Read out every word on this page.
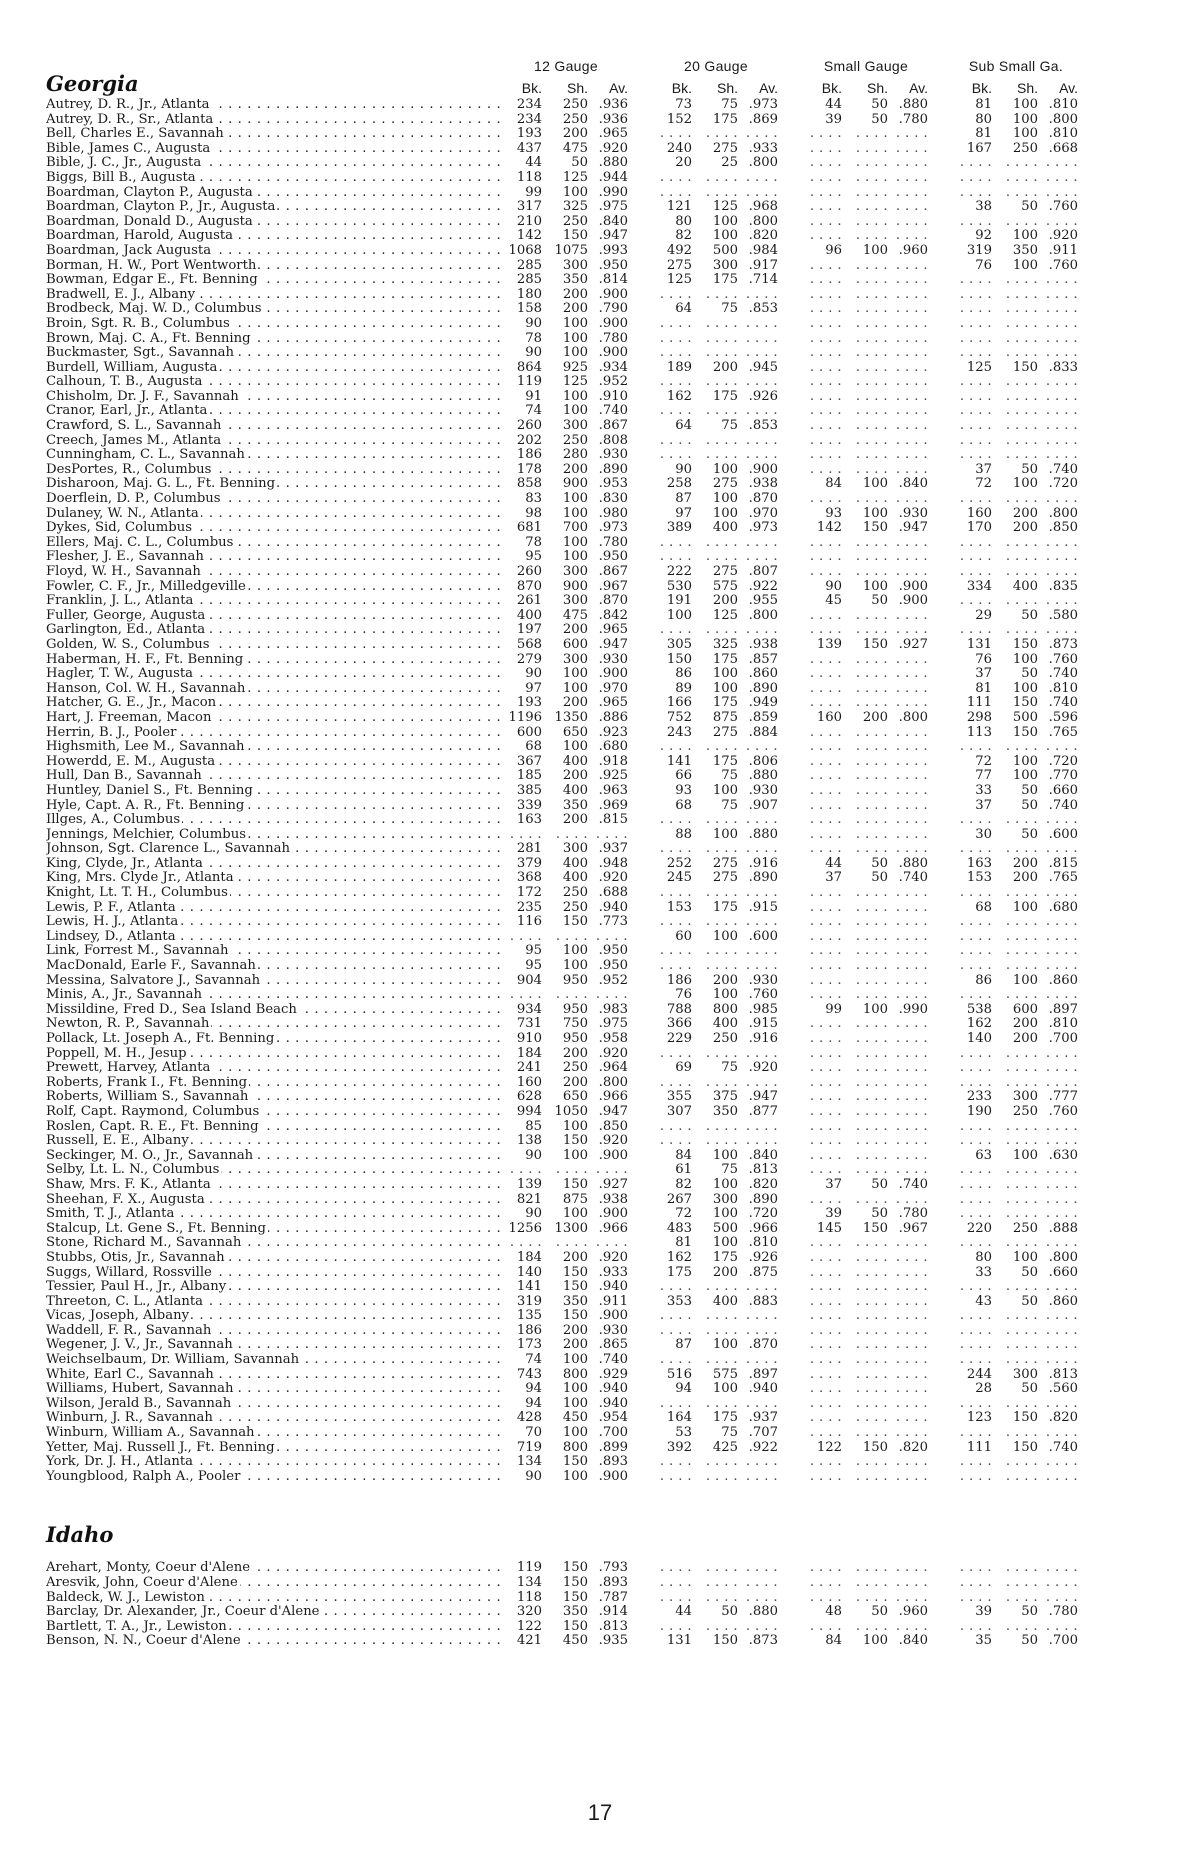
12 Gauge	20 Gauge	Small Gauge	Sub Small Ga.
Georgia	Bk.	Sh.	Av.	Bk.	Sh.	Av.	Bk.	Sh.	Av.	Bk.	Sh.	Av.
Autrey, D. R., Jr., Atlanta . . .	234	250 .936	73	75 .973	44	50 .880	81	100 .810
Autrey, D. R., Sr., Atlanta . . .	234	250 .936	152	175 .869	39	50 .780	80	100 .800
Bell, Charles E., Savannah . . .	193	200 .965	. . . .	. . . . . . . .	. . . .	. . . . . . . .	81	100 .810
Bible, James C., Augusta . . .	437	475 .920	240	275 .933	. . . .	. . . . . . . .	167	250 .668
Bible, J. C., Jr., Augusta . . .	44	50 .880	20	25 .800	. . . .	. . . . . . . .	. . . .	. . . . . . . .
Biggs, Bill B., Augusta . . .	118	125 .944	. . . .	. . . . . . . .	. . . .	. . . . . . . .	. . . .	. . . . . . . .
Boardman, Clayton P., Augusta . . .	99	100 .990	. . . .	. . . . . . . .	. . . .	. . . . . . . .	. . . .	. . . . . . . .
Boardman, Clayton P., Jr., Augusta . . .	317	325 .975	121	125 .968	. . . .	. . . . . . . .	38	50 .760
Boardman, Donald D., Augusta . . .	210	250 .840	80	100 .800	. . . .	. . . . . . . .	. . . .	. . . . . . . .
Boardman, Harold, Augusta . . .	142	150 .947	82	100 .820	. . . .	. . . . . . . .	92	100 .920
Boardman, Jack Augusta . . .	1068 1075 .993	492	500 .984	96	100 .960	319	350 .911
Borman, H. W., Port Wentworth . . .	285	300 .950	275	300 .917	. . . .	. . . . . . . .	76	100 .760
Bowman, Edgar E., Ft. Benning . . .	285	350 .814	125	175 .714	. . . .	. . . . . . . .	. . . .	. . . . . . . .
Bradwell, E. J., Albany . . .	180	200 .900	. . . .	. . . . . . . .	. . . .	. . . . . . . .	. . . .	. . . . . . . .
Brodbeck, Maj. W. D., Columbus . . .	158	200 .790	64	75 .853	. . . .	. . . . . . . .	. . . .	. . . . . . . .
Broin, Sgt. R. B., Columbus . . .	90	100 .900	. . . .	. . . . . . . .	. . . .	. . . . . . . .	. . . .	. . . . . . . .
Brown, Maj. C. A., Ft. Benning . . .	78	100 .780	. . . .	. . . . . . . .	. . . .	. . . . . . . .	. . . .	. . . . . . . .
Buckmaster, Sgt., Savannah . . .	90	100 .900	. . . .	. . . . . . . .	. . . .	. . . . . . . .	. . . .	. . . . . . . .
Burdell, William, Augusta . . .	864	925 .934	189	200 .945	. . . .	. . . . . . . .	125	150 .833
Calhoun, T. B., Augusta . . .	119	125 .952	. . . .	. . . . . . . .	. . . .	. . . . . . . .	. . . .	. . . . . . . .
Chisholm, Dr. J. F., Savannah . . .	91	100 .910	162	175 .926	. . . .	. . . . . . . .	. . . .	. . . . . . . .
Cranor, Earl, Jr., Atlanta . . .	74	100 .740	. . . .	. . . . . . . .	. . . .	. . . . . . . .	. . . .	. . . . . . . .
Crawford, S. L., Savannah . . .	260	300 .867	64	75 .853	. . . .	. . . . . . . .	. . . .	. . . . . . . .
Creech, James M., Atlanta . . .	202	250 .808	. . . .	. . . . . . . .	. . . .	. . . . . . . .	. . . .	. . . . . . . .
Cunningham, C. L., Savannah . . .	186	280 .930	. . . .	. . . . . . . .	. . . .	. . . . . . . .	. . . .	. . . . . . . .
DesPortes, R., Columbus . . .	178	200 .890	90	100 .900	. . . .	. . . . . . . .	37	50 .740
Disharoon, Maj. G. L., Ft. Benning . . .	858	900 .953	258	275 .938	84	100 .840	72	100 .720
Doerflein, D. P., Columbus . . .	83	100 .830	87	100 .870	. . . .	. . . . . . . .	. . . .	. . . . . . . .
Dulaney, W. N., Atlanta . . .	98	100 .980	97	100 .970	93	100 .930	160	200 .800
Dykes, Sid, Columbus . . .	681	700 .973	389	400 .973	142	150 .947	170	200 .850
Ellers, Maj. C. L., Columbus . . .	78	100 .780	. . . .	. . . . . . . .	. . . .	. . . . . . . .	. . . .	. . . . . . . .
Flesher, J. E., Savannah . . .	95	100 .950	. . . .	. . . . . . . .	. . . .	. . . . . . . .	. . . .	. . . . . . . .
Floyd, W. H., Savannah . . .	260	300 .867	222	275 .807	. . . .	. . . . . . . .	. . . .	. . . . . . . .
Fowler, C. F., Jr., Milledgeville . . .	870	900 .967	530	575 .922	90	100 .900	334	400 .835
Franklin, J. L., Atlanta . . .	261	300 .870	191	200 .955	45	50 .900	. . . .	. . . . . . . .
Fuller, George, Augusta . . .	400	475 .842	100	125 .800	. . . .	. . . . . . . .	29	50 .580
Garlington, Ed., Atlanta . . .	197	200 .965	. . . .	. . . . . . . .	. . . .	. . . . . . . .	. . . .	. . . . . . . .
Golden, W. S., Columbus . . .	568	600 .947	305	325 .938	139	150 .927	131	150 .873
Haberman, H. F., Ft. Benning . . .	279	300 .930	150	175 .857	. . . .	. . . . . . . .	76	100 .760
Hagler, T. W., Augusta . . .	90	100 .900	86	100 .860	. . . .	. . . . . . . .	37	50 .740
Hanson, Col. W. H., Savannah . . .	97	100 .970	89	100 .890	. . . .	. . . . . . . .	81	100 .810
Hatcher, G. E., Jr., Macon . . .	193	200 .965	166	175 .949	. . . .	. . . . . . . .	111	150 .740
Hart, J. Freeman, Macon . . .	1196 1350 .886	752	875 .859	160	200 .800	298	500 .596
Herrin, B. J., Pooler . . .	600	650 .923	243	275 .884	. . . .	. . . . . . . .	113	150 .765
Highsmith, Lee M., Savannah . . .	68	100 .680	. . . .	. . . . . . . .	. . . .	. . . . . . . .	. . . .	. . . . . . . .
Howerdd, E. M., Augusta . . .	367	400 .918	141	175 .806	. . . .	. . . . . . . .	72	100 .720
Hull, Dan B., Savannah . . .	185	200 .925	66	75 .880	. . . .	. . . . . . . .	77	100 .770
Huntley, Daniel S., Ft. Benning . . .	385	400 .963	93	100 .930	. . . .	. . . . . . . .	33	50 .660
Hyle, Capt. A. R., Ft. Benning . . .	339	350 .969	68	75 .907	. . . .	. . . . . . . .	37	50 .740
Illges, A., Columbus . . .	163	200 .815	. . . .	. . . . . . . .	. . . .	. . . . . . . .	. . . .	. . . . . . . .
Jennings, Melchier, Columbus . . .	. . . .	. . . . . . . .	88	100 .880	. . . .	. . . . . . . .	30	50 .600
Johnson, Sgt. Clarence L., Savannah . . .	281	300 .937	. . . .	. . . . . . . .	. . . .	. . . . . . . .	. . . .	. . . . . . . .
King, Clyde, Jr., Atlanta . . .	379	400 .948	252	275 .916	44	50 .880	163	200 .815
King, Mrs. Clyde Jr., Atlanta . . .	368	400 .920	245	275 .890	37	50 .740	153	200 .765
Knight, Lt. T. H., Columbus . . .	172	250 .688	. . . .	. . . . . . . .	. . . .	. . . . . . . .	. . . .	. . . . . . . .
Lewis, P. F., Atlanta . . .	235	250 .940	153	175 .915	. . . .	. . . . . . . .	68	100 .680
Lewis, H. J., Atlanta . . .	116	150 .773	. . . .	. . . . . . . .	. . . .	. . . . . . . .	. . . .	. . . . . . . .
Lindsey, D., Atlanta . . .	. . . .	. . . . . . . .	60	100 .600	. . . .	. . . . . . . .	. . . .	. . . . . . . .
Link, Forrest M., Savannah . . .	95	100 .950	. . . .	. . . . . . . .	. . . .	. . . . . . . .	. . . .	. . . . . . . .
MacDonald, Earle F., Savannah . . .	95	100 .950	. . . .	. . . . . . . .	. . . .	. . . . . . . .	. . . .	. . . . . . . .
Messina, Salvatore J., Savannah . . .	904	950 .952	186	200 .930	. . . .	. . . . . . . .	86	100 .860
Minis, A., Jr., Savannah . . .	. . . .	. . . . . . . .	76	100 .760	. . . .	. . . . . . . .	. . . .	. . . . . . . .
Missildine, Fred D., Sea Island Beach . . .	934	950 .983	788	800 .985	99	100 .990	538	600 .897
Newton, R. P., Savannah . . .	731	750 .975	366	400 .915	. . . .	. . . . . . . .	162	200 .810
Pollack, Lt. Joseph A., Ft. Benning . . .	910	950 .958	229	250 .916	. . . .	. . . . . . . .	140	200 .700
Poppell, M. H., Jesup . . .	184	200 .920	. . . .	. . . . . . . .	. . . .	. . . . . . . .	. . . .	. . . . . . . .
Prewett, Harvey, Atlanta . . .	241	250 .964	69	75 .920	. . . .	. . . . . . . .	. . . .	. . . . . . . .
Roberts, Frank I., Ft. Benning . . .	160	200 .800	. . . .	. . . . . . . .	. . . .	. . . . . . . .	. . . .	. . . . . . . .
Roberts, William S., Savannah . . .	628	650 .966	355	375 .947	. . . .	. . . . . . . .	233	300 .777
Rolf, Capt. Raymond, Columbus . . .	994 1050 .947	307	350 .877	. . . .	. . . . . . . .	190	250 .760
Roslen, Capt. R. E., Ft. Benning . . .	85	100 .850	. . . .	. . . . . . . .	. . . .	. . . . . . . .	. . . .	. . . . . . . .
Russell, E. E., Albany . . .	138	150 .920	. . . .	. . . . . . . .	. . . .	. . . . . . . .	. . . .	. . . . . . . .
Seckinger, M. O., Jr., Savannah . . .	90	100 .900	84	100 .840	. . . .	. . . . . . . .	63	100 .630
Selby, Lt. L. N., Columbus . . .	. . . .	. . . . . . . .	61	75 .813	. . . .	. . . . . . . .	. . . .	. . . . . . . .
Shaw, Mrs. F. K., Atlanta . . .	139	150 .927	82	100 .820	37	50 .740	. . . .	. . . . . . . .
Sheehan, F. X., Augusta . . .	821	875 .938	267	300 .890	. . . .	. . . . . . . .	. . . .	. . . . . . . .
Smith, T. J., Atlanta . . .	90	100 .900	72	100 .720	39	50 .780	. . . .	. . . . . . . .
Stalcup, Lt. Gene S., Ft. Benning . . .	1256 1300 .966	483	500 .966	145	150 .967	220	250 .888
Stone, Richard M., Savannah . . .	. . . .	. . . . . . . .	81	100 .810	. . . .	. . . . . . . .	. . . .	. . . . . . . .
Stubbs, Otis, Jr., Savannah . . .	184	200 .920	162	175 .926	. . . .	. . . . . . . .	80	100 .800
Suggs, Willard, Rossville . . .	140	150 .933	175	200 .875	. . . .	. . . . . . . .	33	50 .660
Tessier, Paul H., Jr., Albany . . .	141	150 .940	. . . .	. . . . . . . .	. . . .	. . . . . . . .	. . . .	. . . . . . . .
Threeton, C. L., Atlanta . . .	319	350 .911	353	400 .883	. . . .	. . . . . . . .	43	50 .860
Vicas, Joseph, Albany . . .	135	150 .900	. . . .	. . . . . . . .	. . . .	. . . . . . . .	. . . .	. . . . . . . .
Waddell, F. R., Savannah . . .	186	200 .930	. . . .	. . . . . . . .	. . . .	. . . . . . . .	. . . .	. . . . . . . .
Wegener, J. V., Jr., Savannah . . .	173	200 .865	87	100 .870	. . . .	. . . . . . . .	. . . .	. . . . . . . .
Weichselbaum, Dr. William, Savannah . . .	74	100 .740	. . . .	. . . . . . . .	. . . .	. . . . . . . .	. . . .	. . . . . . . .
White, Earl C., Savannah . . .	743	800 .929	516	575 .897	. . . .	. . . . . . . .	244	300 .813
Williams, Hubert, Savannah . . .	94	100 .940	94	100 .940	. . . .	. . . . . . . .	28	50 .560
Wilson, Jerald B., Savannah . . .	94	100 .940	. . . .	. . . . . . . .	. . . .	. . . . . . . .	. . . .	. . . . . . . .
Winburn, J. R., Savannah . . .	428	450 .954	164	175 .937	. . . .	. . . . . . . .	123	150 .820
Winburn, William A., Savannah . . .	70	100 .700	53	75 .707	. . . .	. . . . . . . .	. . . .	. . . . . . . .
Yetter, Maj. Russell J., Ft. Benning . . .	719	800 .899	392	425 .922	122	150 .820	111	150 .740
York, Dr. J. H., Atlanta . . .	134	150 .893	. . . .	. . . . . . . .	. . . .	. . . . . . . .	. . . .	. . . . . . . .
Youngblood, Ralph A., Pooler . . .	90	100 .900	. . . .	. . . . . . . .	. . . .	. . . . . . . .	. . . .	. . . . . . . .
Idaho
Arehart, Monty, Coeur d'Alene . . .	119	150 .793	. . . .	. . . . . . . .	. . . .	. . . . . . . .	. . . .	. . . . . . . .
Aresvik, John, Coeur d'Alene . . .	134	150 .893	. . . .	. . . . . . . .	. . . .	. . . . . . . .	. . . .	. . . . . . . .
Baldeck, W. J., Lewiston . . .	118	150 .787	. . . .	. . . . . . . .	. . . .	. . . . . . . .	. . . .	. . . . . . . .
Barclay, Dr. Alexander, Jr., Coeur d'Alene . . .	320	350 .914	44	50 .880	48	50 .960	39	50 .780
Bartlett, T. A., Jr., Lewiston . . .	122	150 .813	. . . .	. . . . . . . .	. . . .	. . . . . . . .	. . . .	. . . . . . . .
Benson, N. N., Coeur d'Alene . . .	421	450 .935	131	150 .873	84	100 .840	35	50 .700
17
